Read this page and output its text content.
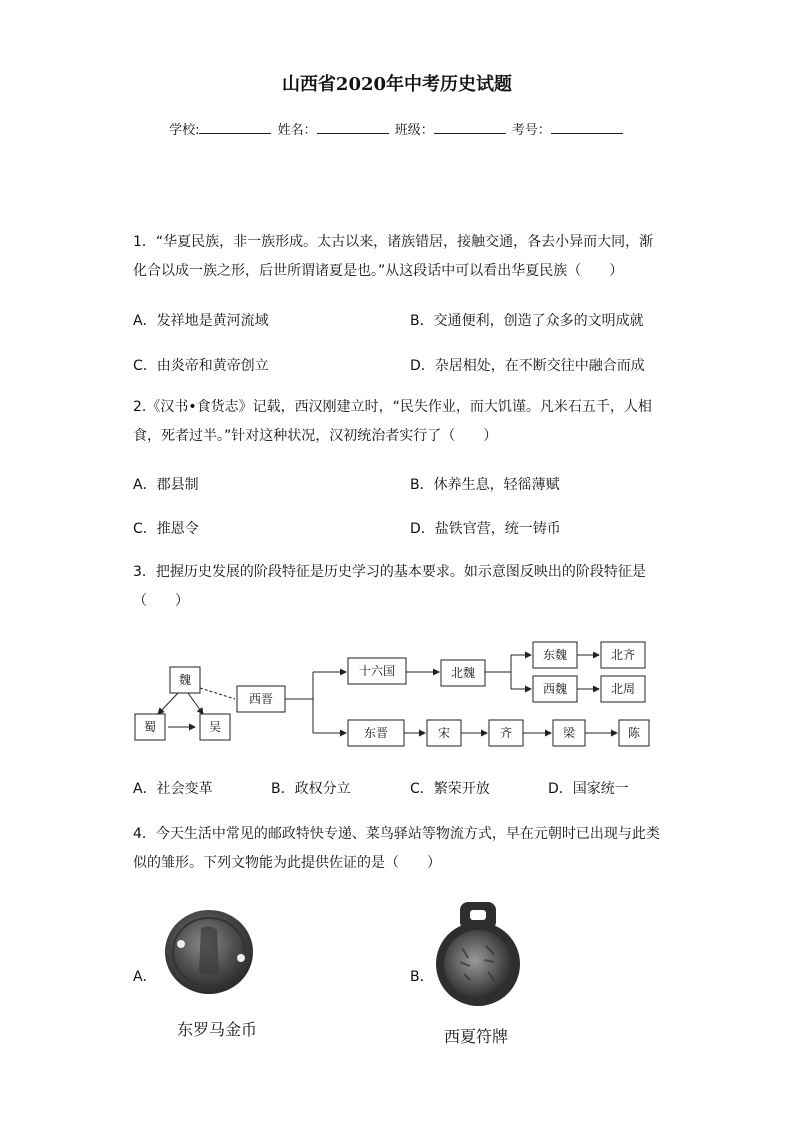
山西省2020年中考历史试题
学校:	姓名：	班级：	考号：
1．“华夏民族，非一族形成。太古以来，诸族错居，接触交通，各去小异而大同，渐
化合以成一族之形，后世所谓诸夏是也。”从这段话中可以看出华夏民族（　　）
A．发祥地是黄河流域	B．交通便利，创造了众多的文明成就
C．由炎帝和黄帝创立	D．杂居相处，在不断交往中融合而成
2.《汉书•食货志》记载，西汉刚建立时，“民失作业，而大饥谨。凡米石五千，人相
食，死者过半。”针对这种状况，汉初统治者实行了（　　）
A．郡县制	B．休养生息，轻徭薄赋
C．推恩令	D．盐铁官营，统一铸币
3．把握历史发展的阶段特征是历史学习的基本要求。如示意图反映出的阶段特征是
（　　）
魏
蜀	吴
西晋
十六国	北魏
东魏
西魏
北齐
北周
东晋	宋	齐	梁	陈
A．社会变革	B．政权分立	C．繁荣开放	D．国家统一
4．今天生活中常见的邮政特快专递、菜鸟驿站等物流方式，早在元朝时已出现与此类
似的雏形。下列文物能为此提供佐证的是（　　）
A．
东罗马金币
B．
西夏符牌
